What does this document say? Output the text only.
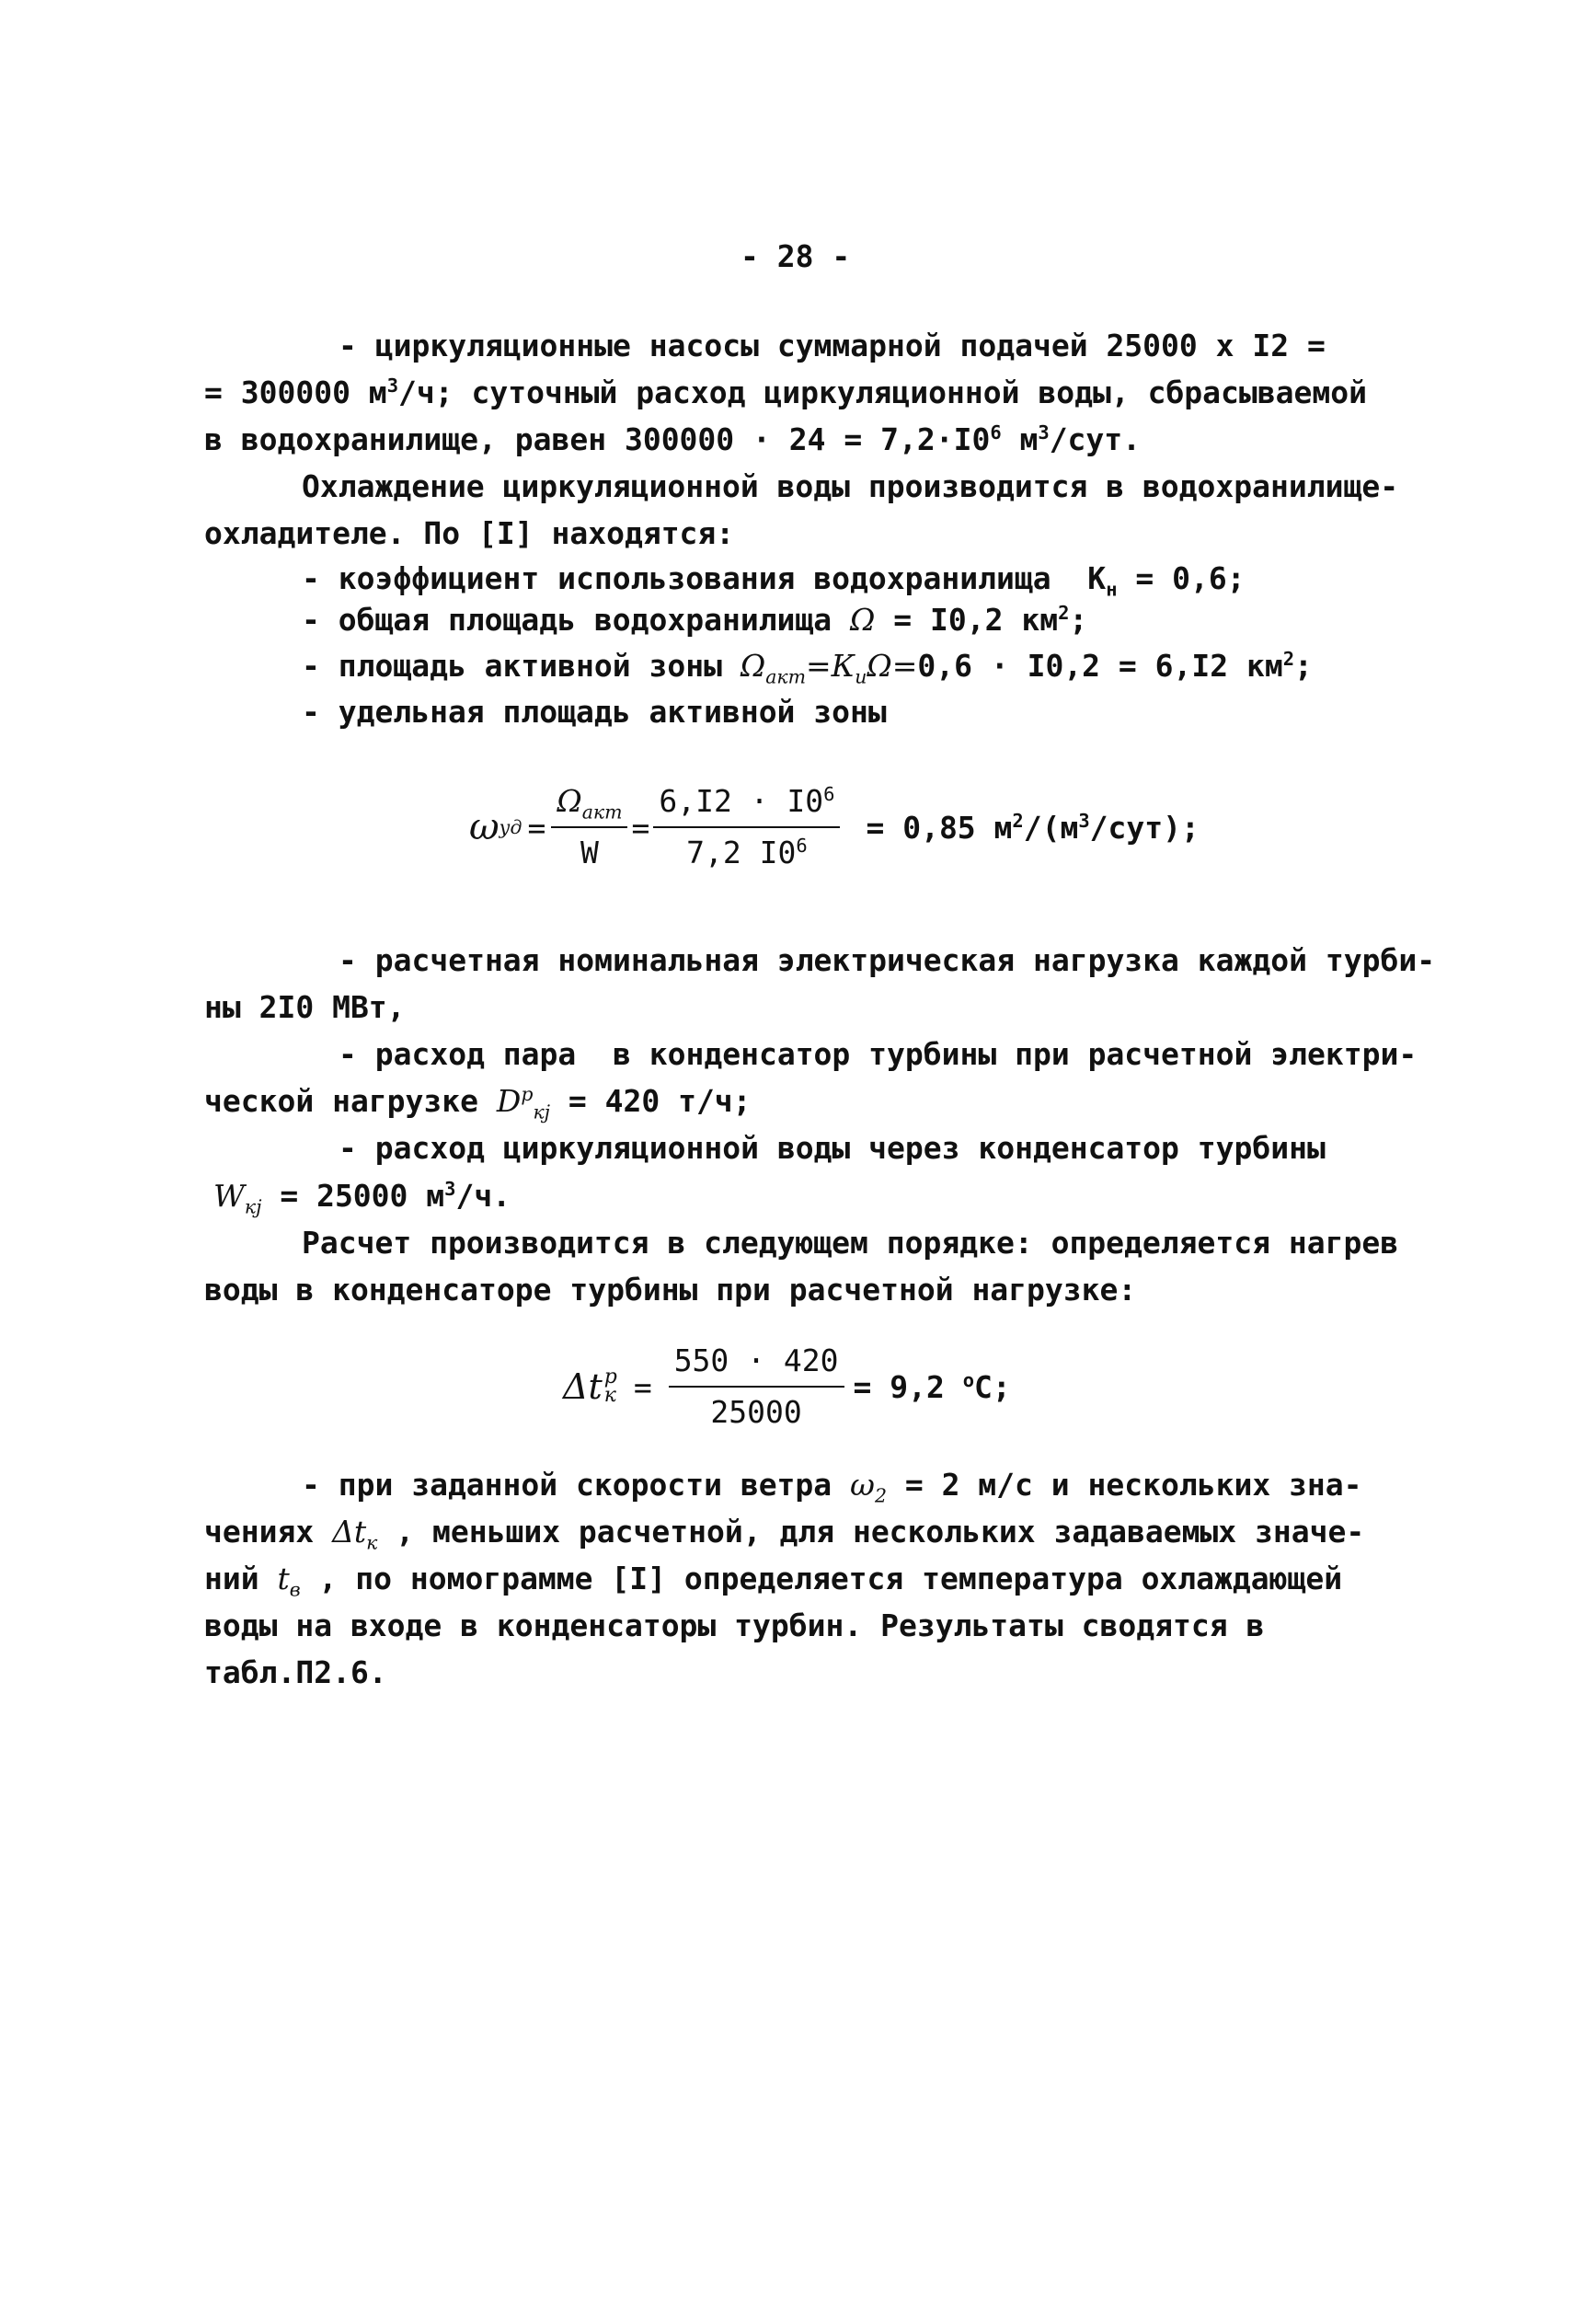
- 28 -
- циркуляционные насосы суммарной подачей 25000 х I2 =
= 300000 $м^3/ч$; суточный расход циркуляционной воды, сбрасываемой
в водохранилище, равен $300000 \cdot 24 = 7,2\cdot I0^6$ $м^3$/сут.
Охлаждение циркуляционной воды производится в водохранилище-
охладителе. По [I] находятся:
- коэффициент использования водохранилища  $К_н = 0,6$;
- общая площадь водохранилища Ω = I0,2 $км^2$;
- площадь активной зоны $\Omega_{акт}=К_и\Omega=0,6 \cdot I0,2 = 6,I2$ $км^2$;
- удельная площадь активной зоны
ω уд = $\frac{\Omega_{акт}}{W} = \frac{6,I2 \cdot I0^6}{7,2 I0^6} = 0,85$ $м^2/(м^3/сут)$;
- расчетная номинальная электрическая нагрузка каждой турби-
ны 2I0 МВт,
- расход пара  в конденсатор турбины при расчетной электри-
ческой нагрузке $D^р_{кj} = 420$ т/ч;
- расход циркуляционной воды через конденсатор турбины
$W_{кj} = 25000$ $м^3/ч$.
Расчет производится в следующем порядке: определяется нагрев
воды в конденсаторе турбины при расчетной нагрузке:
Δt р
$к = \frac{550 \cdot 420}{25000} = 9,2$ $^о$С;
- при заданной скорости ветра $\omega_2 = 2$ м/с и нескольких зна-
чениях $\Delta t_к$ , меньших расчетной, для нескольких задаваемых значе-
ний $t_в$ , по номограмме [I] определяется температура охлаждающей
воды на входе в конденсаторы турбин. Результаты сводятся в
табл.П2.6.
